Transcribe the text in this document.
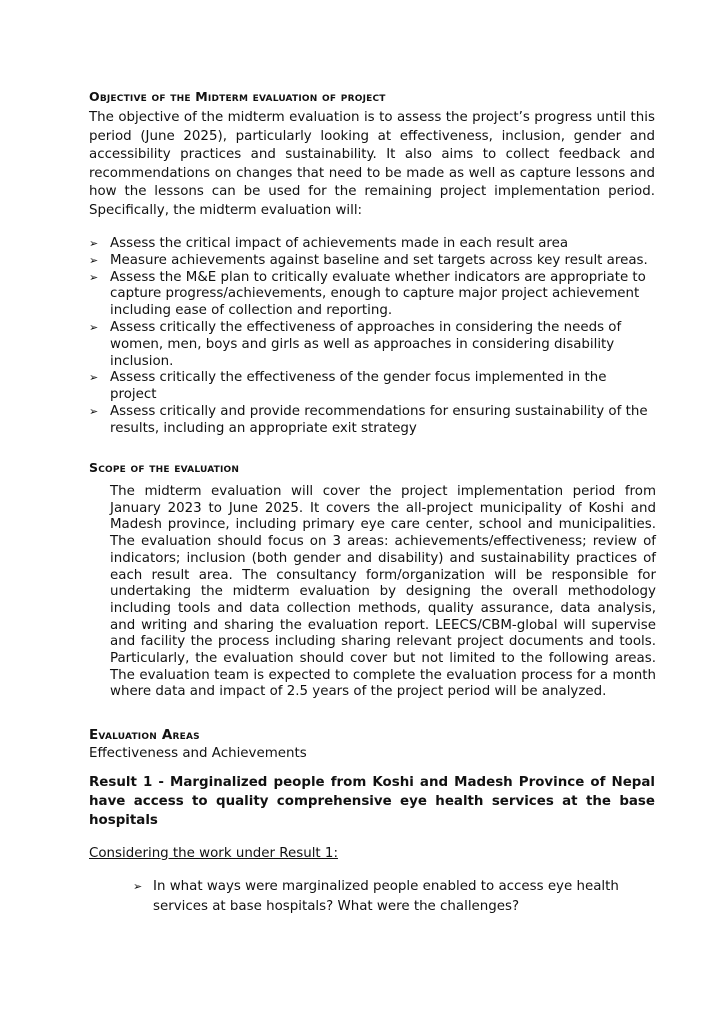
Objective of the Midterm evaluation of project

The objective of the midterm evaluation is to assess the project’s progress until this period (June 2025), particularly looking at effectiveness, inclusion, gender and accessibility practices and sustainability. It also aims to collect feedback and recommendations on changes that need to be made as well as capture lessons and how the lessons can be used for the remaining project implementation period. Specifically, the midterm evaluation will:

➢ Assess the critical impact of achievements made in each result area
➢ Measure achievements against baseline and set targets across key result areas.
➢ Assess the M&E plan to critically evaluate whether indicators are appropriate to capture progress/achievements, enough to capture major project achievement including ease of collection and reporting.
➢ Assess critically the effectiveness of approaches in considering the needs of women, men, boys and girls as well as approaches in considering disability inclusion.
➢ Assess critically the effectiveness of the gender focus implemented in the project
➢ Assess critically and provide recommendations for ensuring sustainability of the results, including an appropriate exit strategy
Scope of the evaluation

The midterm evaluation will cover the project implementation period from January 2023 to June 2025. It covers the all-project municipality of Koshi and Madesh province, including primary eye care center, school and municipalities. The evaluation should focus on 3 areas: achievements/effectiveness; review of indicators; inclusion (both gender and disability) and sustainability practices of each result area. The consultancy form/organization will be responsible for undertaking the midterm evaluation by designing the overall methodology including tools and data collection methods, quality assurance, data analysis, and writing and sharing the evaluation report. LEECS/CBM-global will supervise and facility the process including sharing relevant project documents and tools. Particularly, the evaluation should cover but not limited to the following areas. The evaluation team is expected to complete the evaluation process for a month where data and impact of 2.5 years of the project period will be analyzed.

Evaluation Areas

Effectiveness and Achievements

Result 1 - Marginalized people from Koshi and Madesh Province of Nepal have access to quality comprehensive eye health services at the base hospitals

Considering the work under Result 1:

➢ In what ways were marginalized people enabled to access eye health services at base hospitals? What were the challenges?
